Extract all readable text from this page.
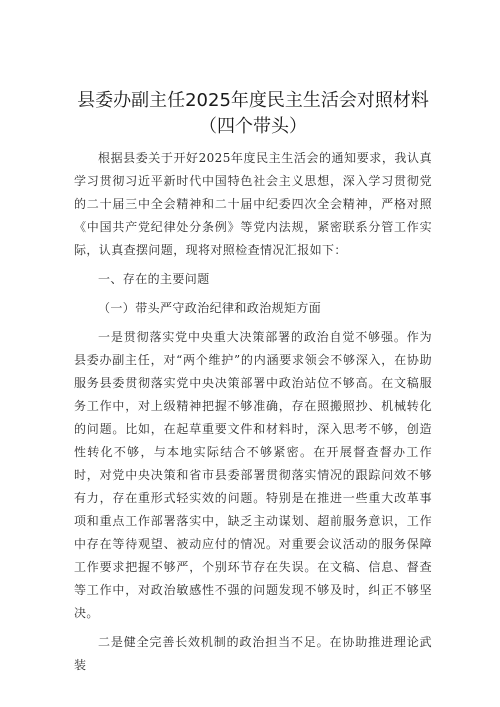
县委办副主任2025年度民主生活会对照材料
（四个带头）

根据县委关于开好2025年度民主生活会的通知要求，我认真学习贯彻习近平新时代中国特色社会主义思想，深入学习贯彻党的二十届三中全会精神和二十届中纪委四次全会精神，严格对照《中国共产党纪律处分条例》等党内法规，紧密联系分管工作实际，认真查摆问题，现将对照检查情况汇报如下：

一、存在的主要问题

（一）带头严守政治纪律和政治规矩方面

一是贯彻落实党中央重大决策部署的政治自觉不够强。作为县委办副主任，对“两个维护”的内涵要求领会不够深入，在协助服务县委贯彻落实党中央决策部署中政治站位不够高。在文稿服务工作中，对上级精神把握不够准确，存在照搬照抄、机械转化的问题。比如，在起草重要文件和材料时，深入思考不够，创造性转化不够，与本地实际结合不够紧密。在开展督查督办工作时，对党中央决策和省市县委部署贯彻落实情况的跟踪问效不够有力，存在重形式轻实效的问题。特别是在推进一些重大改革事项和重点工作部署落实中，缺乏主动谋划、超前服务意识，工作中存在等待观望、被动应付的情况。对重要会议活动的服务保障工作要求把握不够严，个别环节存在失误。在文稿、信息、督查等工作中，对政治敏感性不强的问题发现不够及时，纠正不够坚决。

二是健全完善长效机制的政治担当不足。在协助推进理论武装
